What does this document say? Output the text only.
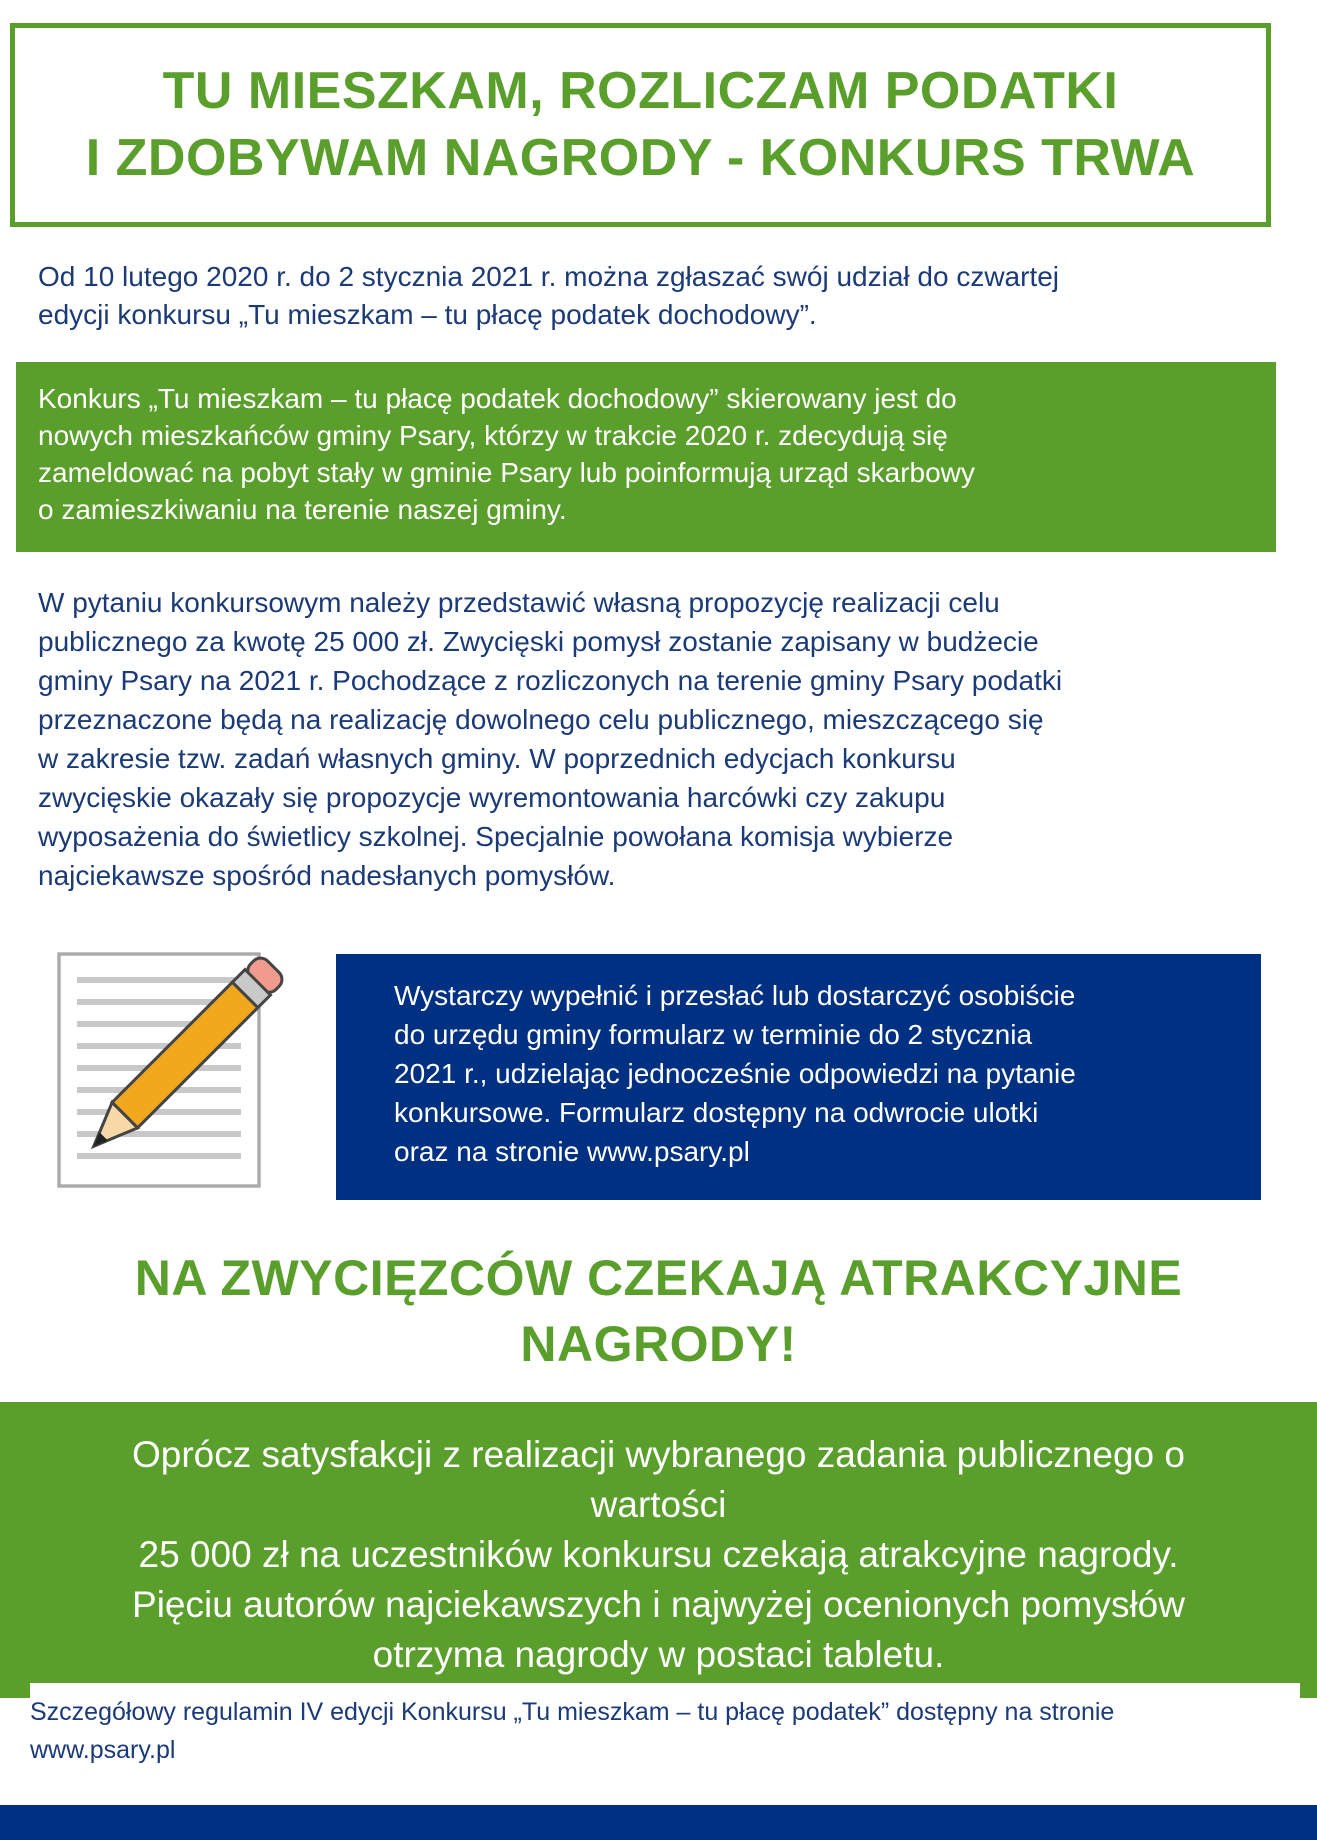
TU MIESZKAM, ROZLICZAM PODATKI
I ZDOBYWAM NAGRODY - KONKURS TRWA
Od 10 lutego 2020 r. do 2 stycznia 2021 r. można zgłaszać swój udział do czwartej
edycji konkursu „Tu mieszkam – tu płacę podatek dochodowy”.
Konkurs „Tu mieszkam – tu płacę podatek dochodowy” skierowany jest do
nowych mieszkańców gminy Psary, którzy w trakcie 2020 r. zdecydują się
zameldować na pobyt stały w gminie Psary lub poinformują urząd skarbowy
o zamieszkiwaniu na terenie naszej gminy.
W pytaniu konkursowym należy przedstawić własną propozycję realizacji celu
publicznego za kwotę 25 000 zł. Zwycięski pomysł zostanie zapisany w budżecie
gminy Psary na 2021 r. Pochodzące z rozliczonych na terenie gminy Psary podatki
przeznaczone będą na realizację dowolnego celu publicznego, mieszczącego się
w zakresie tzw. zadań własnych gminy. W poprzednich edycjach konkursu
zwycięskie okazały się propozycje wyremontowania harcówki czy zakupu
wyposażenia do świetlicy szkolnej. Specjalnie powołana komisja wybierze
najciekawsze spośród nadesłanych pomysłów.
Wystarczy wypełnić i przesłać lub dostarczyć osobiście
do urzędu gminy formularz w terminie do 2 stycznia
2021 r., udzielając jednocześnie odpowiedzi na pytanie
konkursowe. Formularz dostępny na odwrocie ulotki
oraz na stronie www.psary.pl
NA ZWYCIĘZCÓW CZEKAJĄ ATRAKCYJNE
NAGRODY!
Oprócz satysfakcji z realizacji wybranego zadania publicznego o
wartości
25 000 zł na uczestników konkursu czekają atrakcyjne nagrody.
Pięciu autorów najciekawszych i najwyżej ocenionych pomysłów
otrzyma nagrody w postaci tabletu.
Szczegółowy regulamin IV edycji Konkursu „Tu mieszkam – tu płacę podatek” dostępny na stronie
www.psary.pl
